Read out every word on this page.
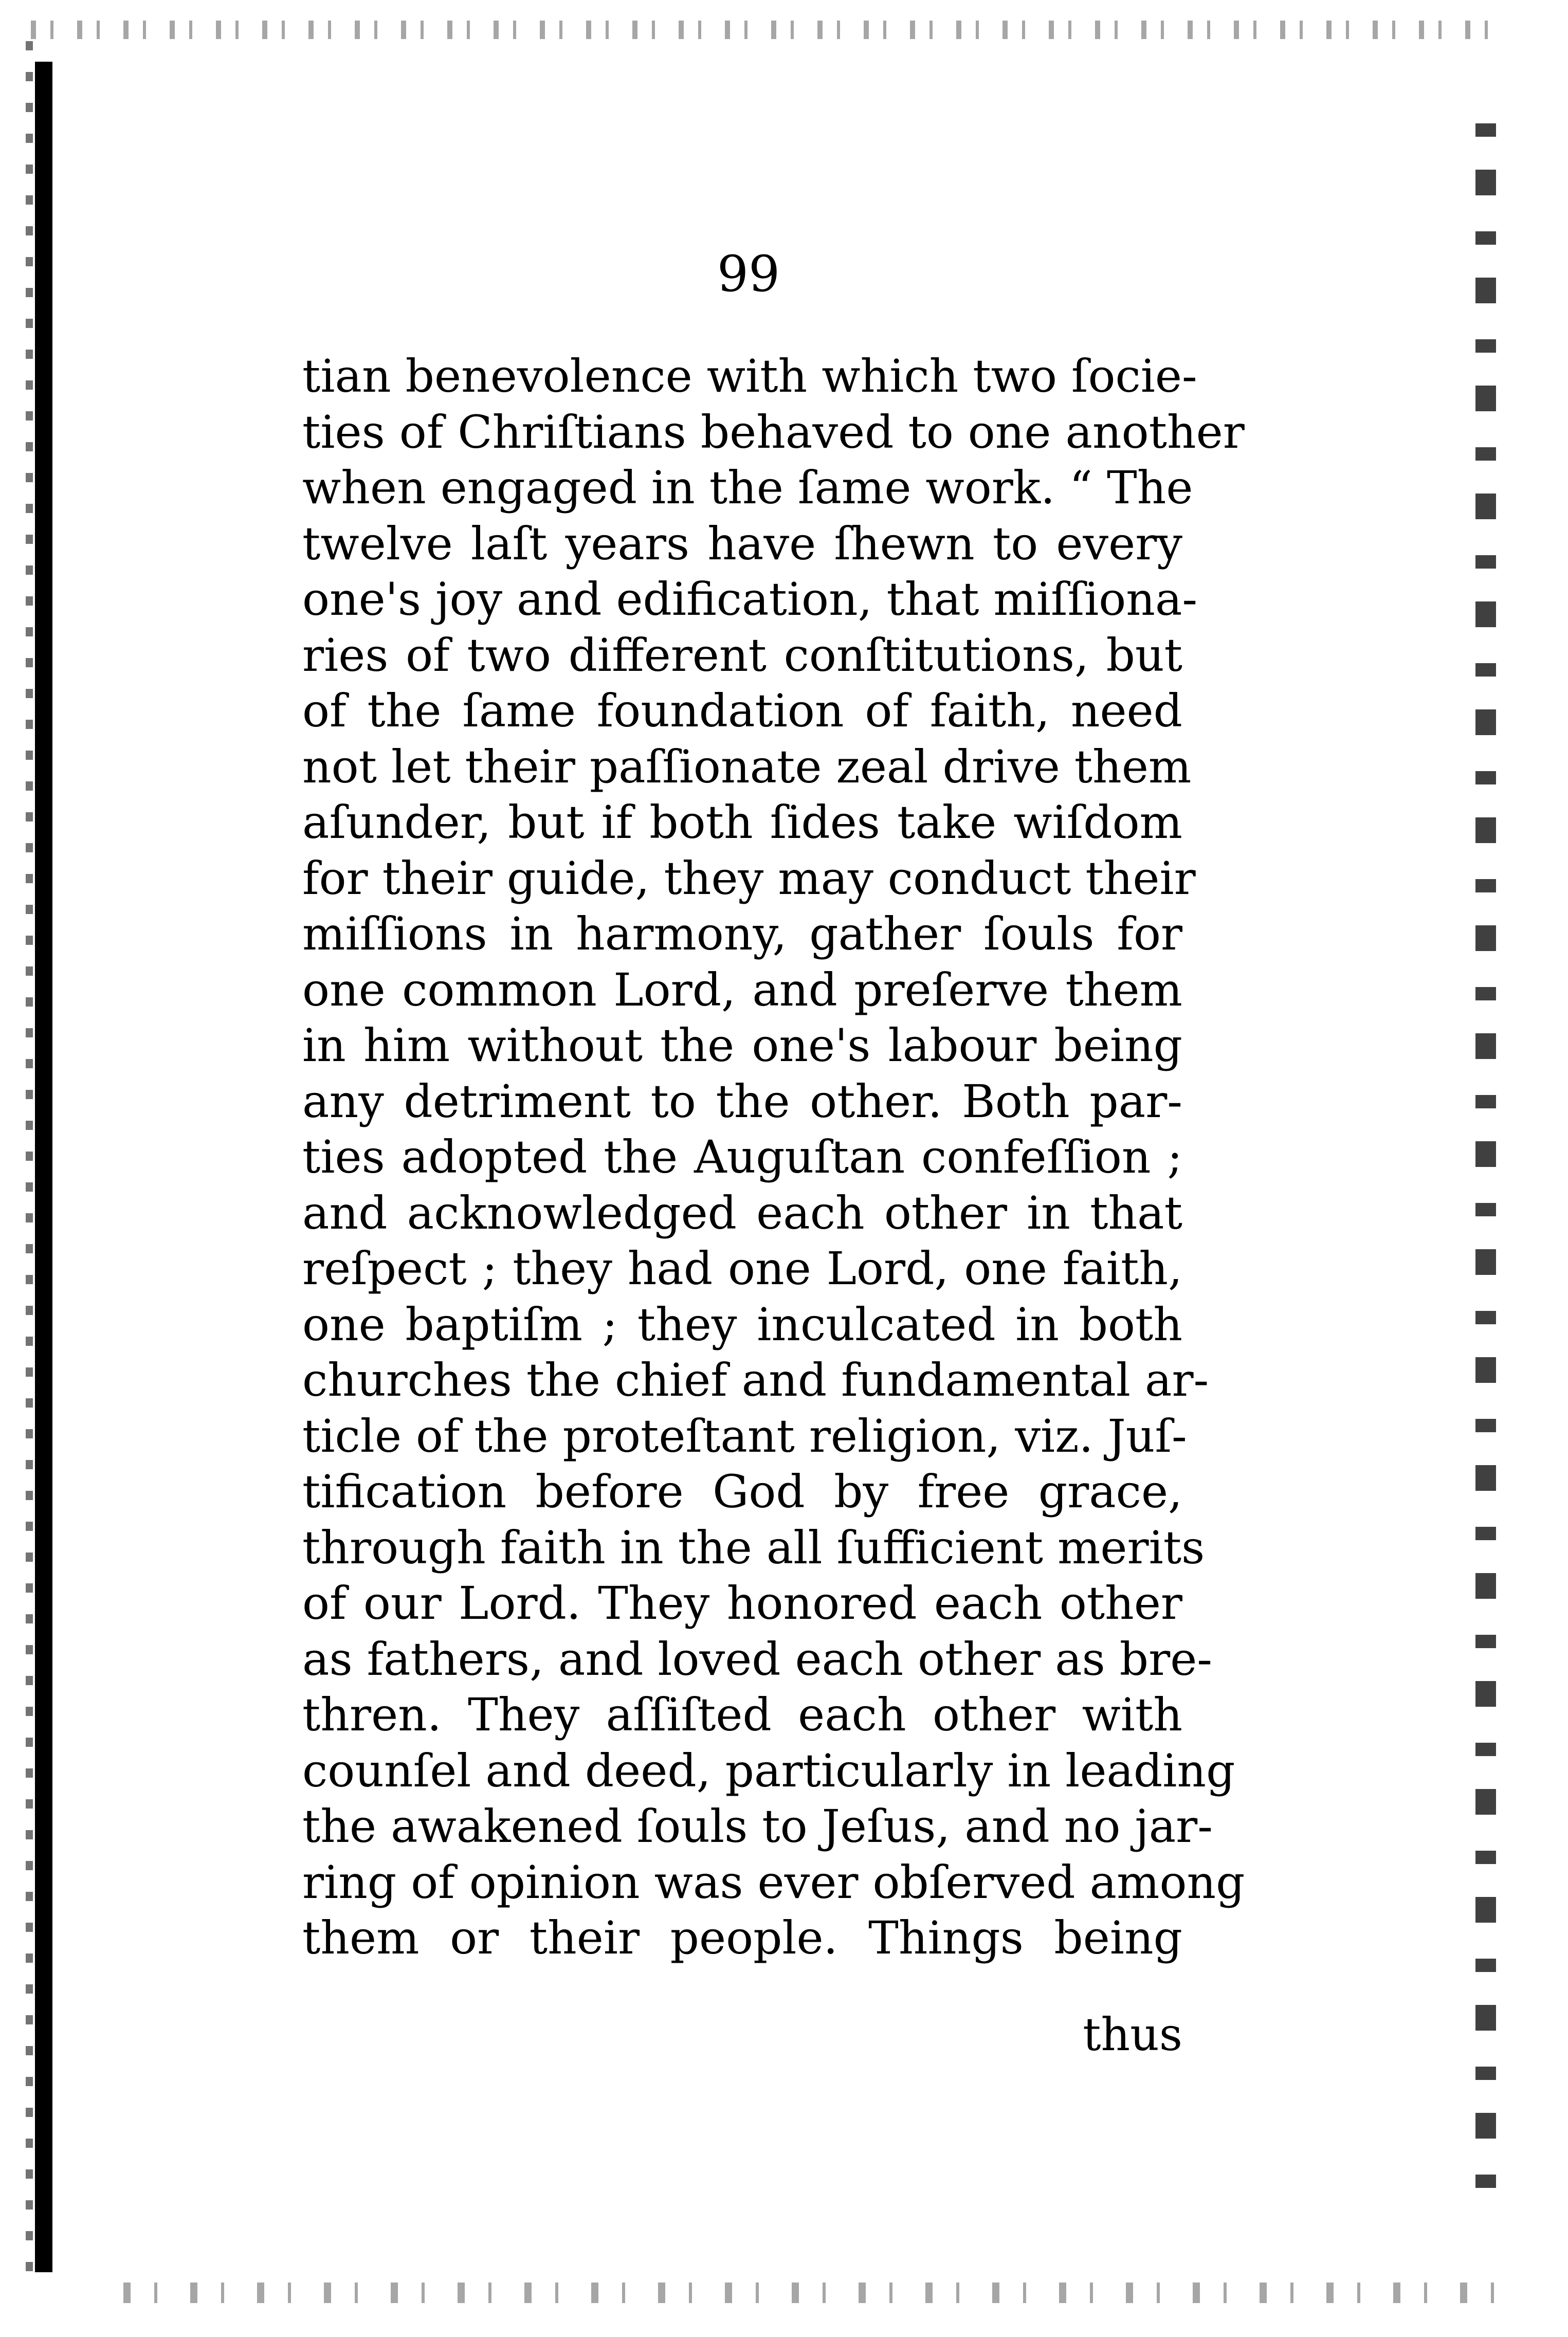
99
tian benevolence with which two ſocie-
ties of Chriſtians behaved to one another
when engaged in the ſame work. “ The
twelve laſt years have ſhewn to every
one's joy and edification, that miſſiona-
ries of two different conſtitutions, but
of the ſame foundation of faith, need
not let their paſſionate zeal drive them
aſunder, but if both ſides take wiſdom
for their guide, they may conduct their
miſſions in harmony, gather ſouls for
one common Lord, and preſerve them
in him without the one's labour being
any detriment to the other. Both par-
ties adopted the Auguſtan confeſſion ;
and acknowledged each other in that
reſpect ; they had one Lord, one faith,
one baptiſm ; they inculcated in both
churches the chief and fundamental ar-
ticle of the proteſtant religion, viz. Juſ-
tification before God by free grace,
through faith in the all ſufficient merits
of our Lord. They honored each other
as fathers, and loved each other as bre-
thren. They aſſiſted each other with
counſel and deed, particularly in leading
the awakened ſouls to Jeſus, and no jar-
ring of opinion was ever obſerved among
them or their people. Things being
thus
